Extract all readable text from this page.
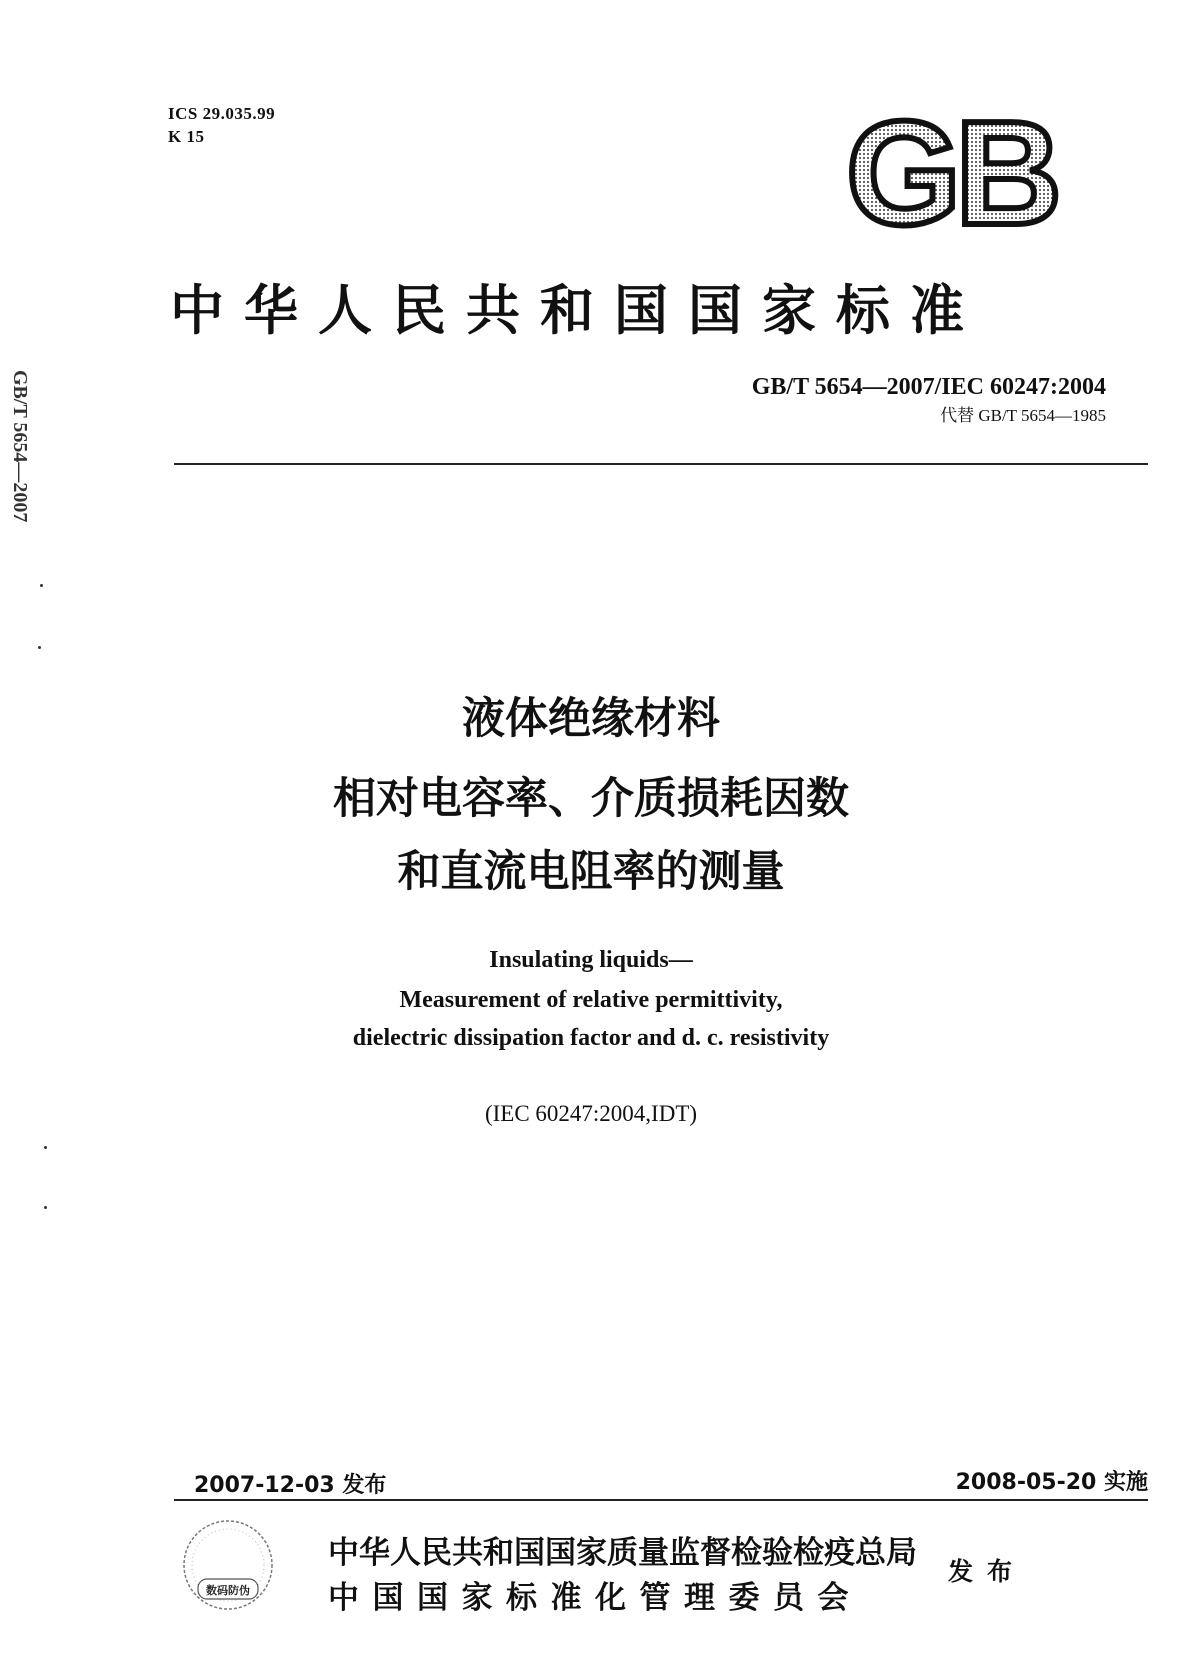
GB/T 5654—2007
ICS 29.035.99
K 15	GB
中华人民共和国国家标准
GB/T 5654—2007/IEC 60247:2004
代替 GB/T 5654—1985
液体绝缘材料
相对电容率、介质损耗因数
和直流电阻率的测量
Insulating liquids—
Measurement of relative permittivity,
dielectric dissipation factor and d. c. resistivity
(IEC 60247:2004,IDT)
2007-12-03 发布	2008-05-20 实施
数码防伪
中华人民共和国国家质量监督检验检疫总局
中国国家标准化管理委员会
发布
